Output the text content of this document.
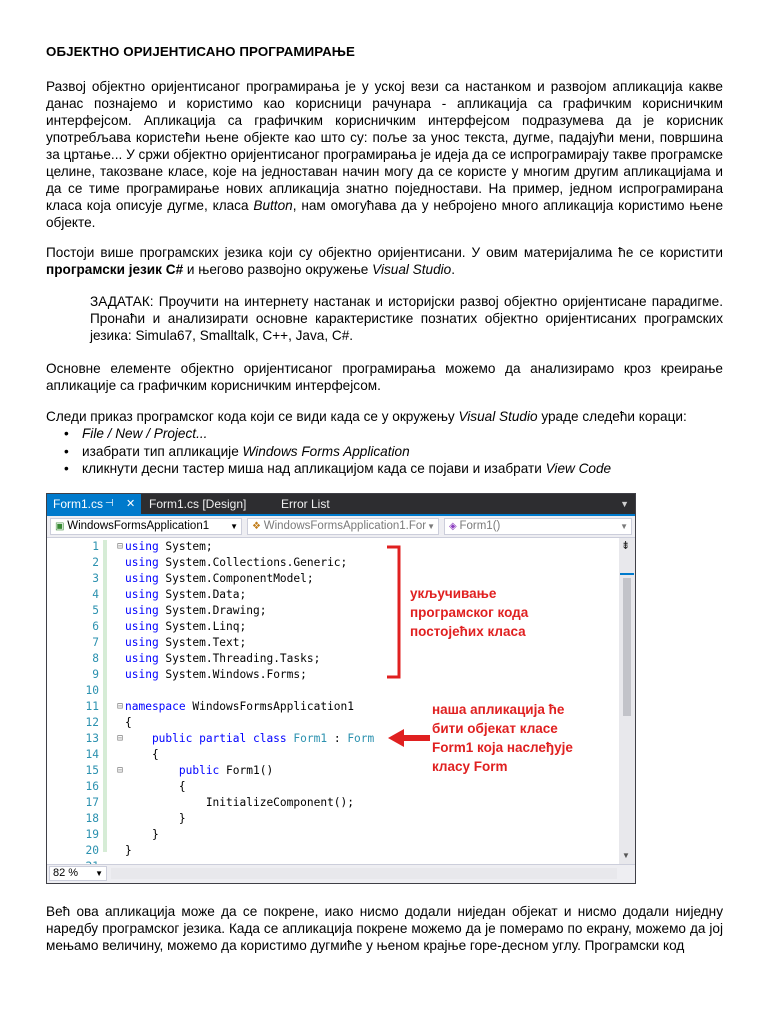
ОБЈЕКТНО ОРИЈЕНТИСАНО ПРОГРАМИРАЊЕ
Развој објектно оријентисаног програмирања је у уској вези са настанком и развојом апликација какве данас познајемо и користимо као корисници рачунара - апликација са графичким корисничким интерфејсом. Апликација са графичким корисничким интерфејсом подразумева да је корисник употребљава користећи њене објекте као што су: поље за унос текста, дугме, падајући мени, површина за цртање... У сржи објектно оријентисаног програмирања је идеја да се испрограмирају такве програмске целине, такозване класе, које на једноставан начин могу да се користе у многим другим апликацијама и да се тиме програмирање нових апликација знатно поједностави. На пример, једном испрограмирана класа која описује дугме, класа Button, нам омогућава да у небројено много апликација користимо њене објекте.
Постоји више програмских језика који су објектно оријентисани. У овим материјалима ће се користити програмски језик C# и његово развојно окружење Visual Studio.
ЗАДАТАК: Проучити на интернету настанак и историјски развој објектно оријентисане парадигме. Пронаћи и анализирати основне карактеристике познатих објектно оријентисаних програмских језика: Simula67, Smalltalk, C++, Java, C#.
Основне елементе објектно оријентисаног програмирања можемо да анализирамо кроз креирање апликације са графичким корисничким интерфејсом.
Следи приказ програмског кода који се види када се у окружењу Visual Studio ураде следећи кораци:
• File / New / Project...
• изабрати тип апликације Windows Forms Application
• кликнути десни тастер миша над апликацијом када се појави и изабрати View Code
Већ ова апликација може да се покрене, иако нисмо додали ниједан објекат и нисмо додали ниједну наредбу програмског језика. Када се апликација покрене можемо да је померамо по екрану, можемо да јој мењамо величину, можемо да користимо дугмиће у њеном крајње горе-десном углу. Програмски код
Form1.cs ⊣ ✕	Form1.cs [Design]	Error List	▼
▣ WindowsFormsApplication1	▼	❖ WindowsFormsApplication1.For ▼	◈ Form1()	▼
1 ⊟ using System;
2 using System.Collections.Generic;
3 using System.ComponentModel;
4 using System.Data;
5 using System.Drawing;
6 using System.Linq;
7 using System.Text;
8 using System.Threading.Tasks;
9 using System.Windows.Forms;
10
11 ⊟ namespace WindowsFormsApplication1
12 {
13 ⊟ public partial class Form1 : Form
14 {
15 ⊟ public Form1()
16 {
17 InitializeComponent();
18 }
19 }
20 }
⇟
▼
82 % ▼
укључивање
програмског кода
постојећих класа
наша апликација ће
бити објекат класе
Form1 која наслеђује
класу Form
